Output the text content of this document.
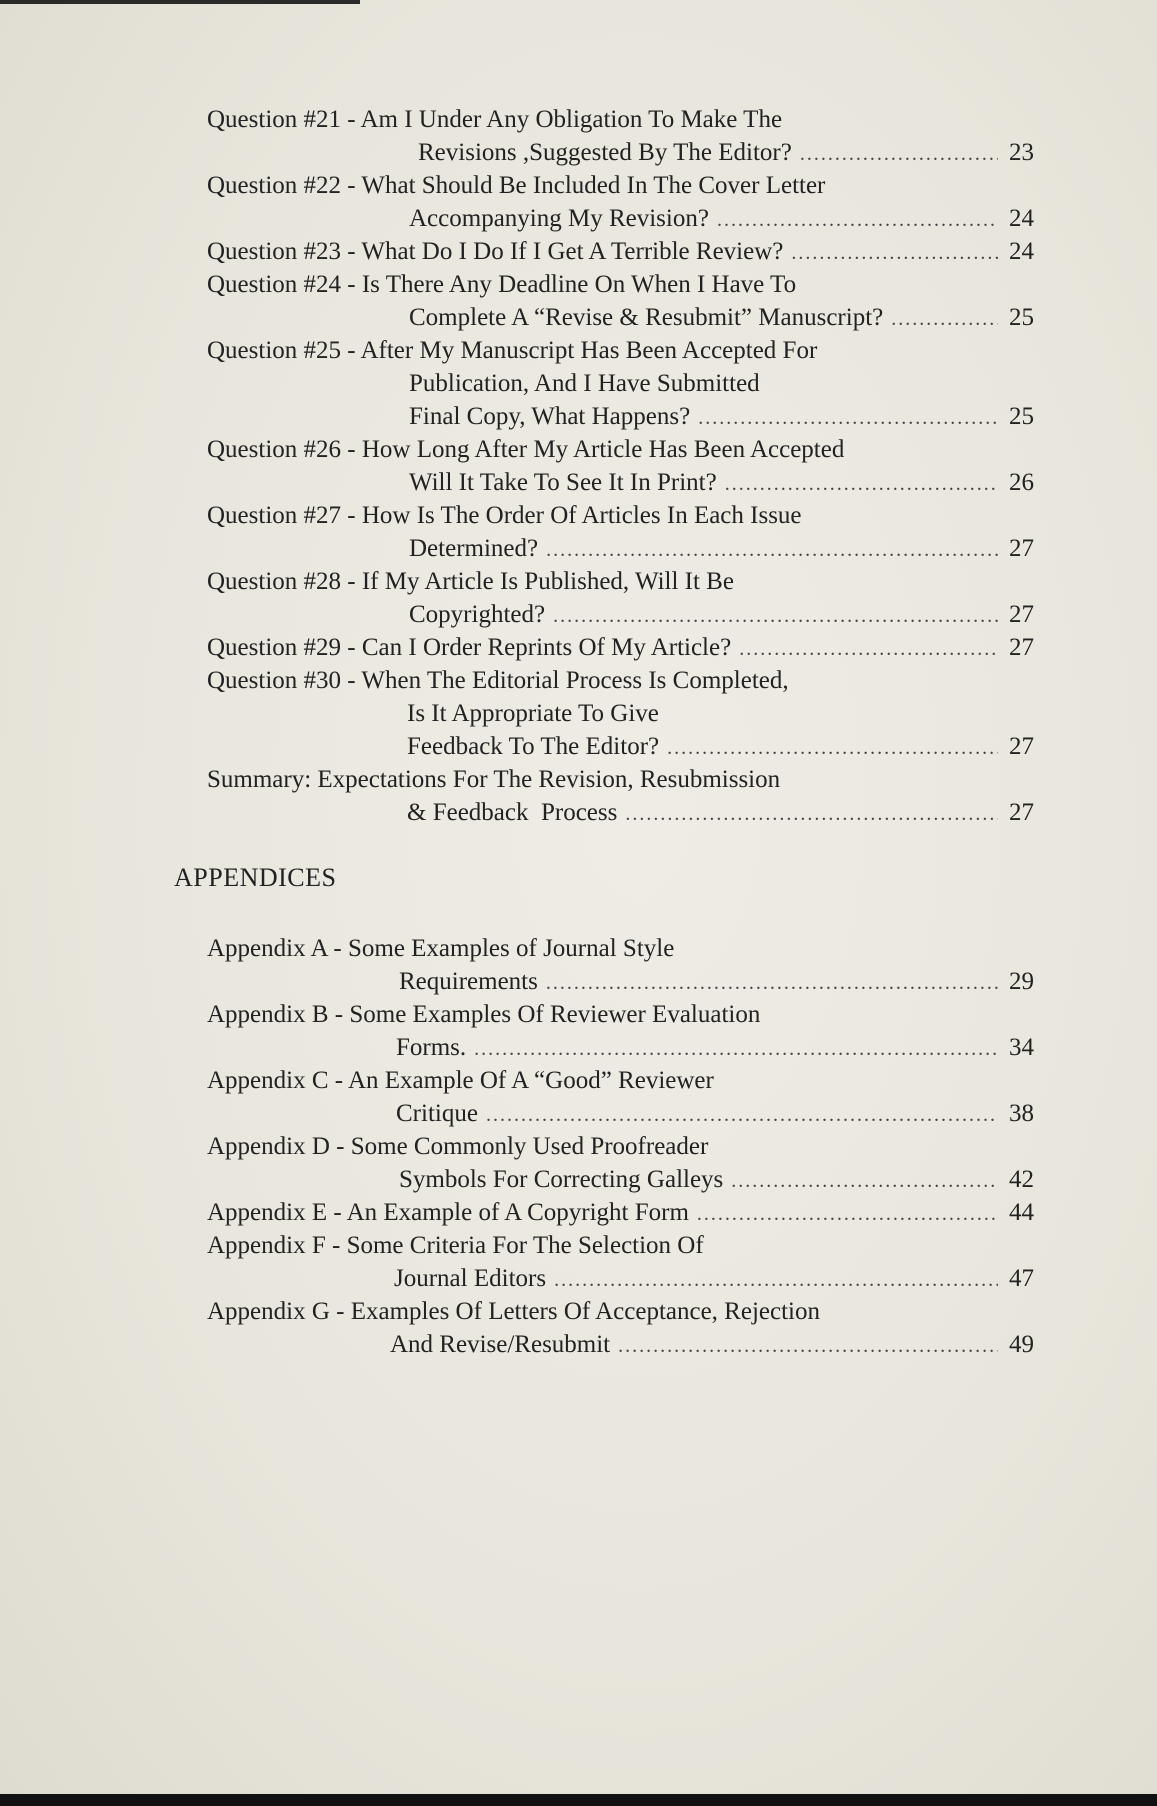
Question #21 - Am I Under Any Obligation To Make The
Revisions ,Suggested By The Editor? .....	23
Question #22 - What Should Be Included In The Cover Letter
Accompanying My Revision? .....	24
Question #23 - What Do I Do If I Get A Terrible Review? .....	24
Question #24 - Is There Any Deadline On When I Have To
Complete A “Revise & Resubmit” Manuscript? .....	25
Question #25 - After My Manuscript Has Been Accepted For
Publication, And I Have Submitted
Final Copy, What Happens? .....	25
Question #26 - How Long After My Article Has Been Accepted
Will It Take To See It In Print? .....	26
Question #27 - How Is The Order Of Articles In Each Issue
Determined? .....	27
Question #28 - If My Article Is Published, Will It Be
Copyrighted? .....	27
Question #29 - Can I Order Reprints Of My Article? .....	27
Question #30 - When The Editorial Process Is Completed,
Is It Appropriate To Give
Feedback To The Editor? .....	27
Summary: Expectations For The Revision, Resubmission
& Feedback  Process .....	27
APPENDICES
Appendix A - Some Examples of Journal Style
Requirements .....	29
Appendix B - Some Examples Of Reviewer Evaluation
Forms. .....	34
Appendix C - An Example Of A “Good” Reviewer
Critique .....	38
Appendix D - Some Commonly Used Proofreader
Symbols For Correcting Galleys .....	42
Appendix E - An Example of A Copyright Form .....	44
Appendix F - Some Criteria For The Selection Of
Journal Editors .....	47
Appendix G - Examples Of Letters Of Acceptance, Rejection
And Revise/Resubmit .....	49
